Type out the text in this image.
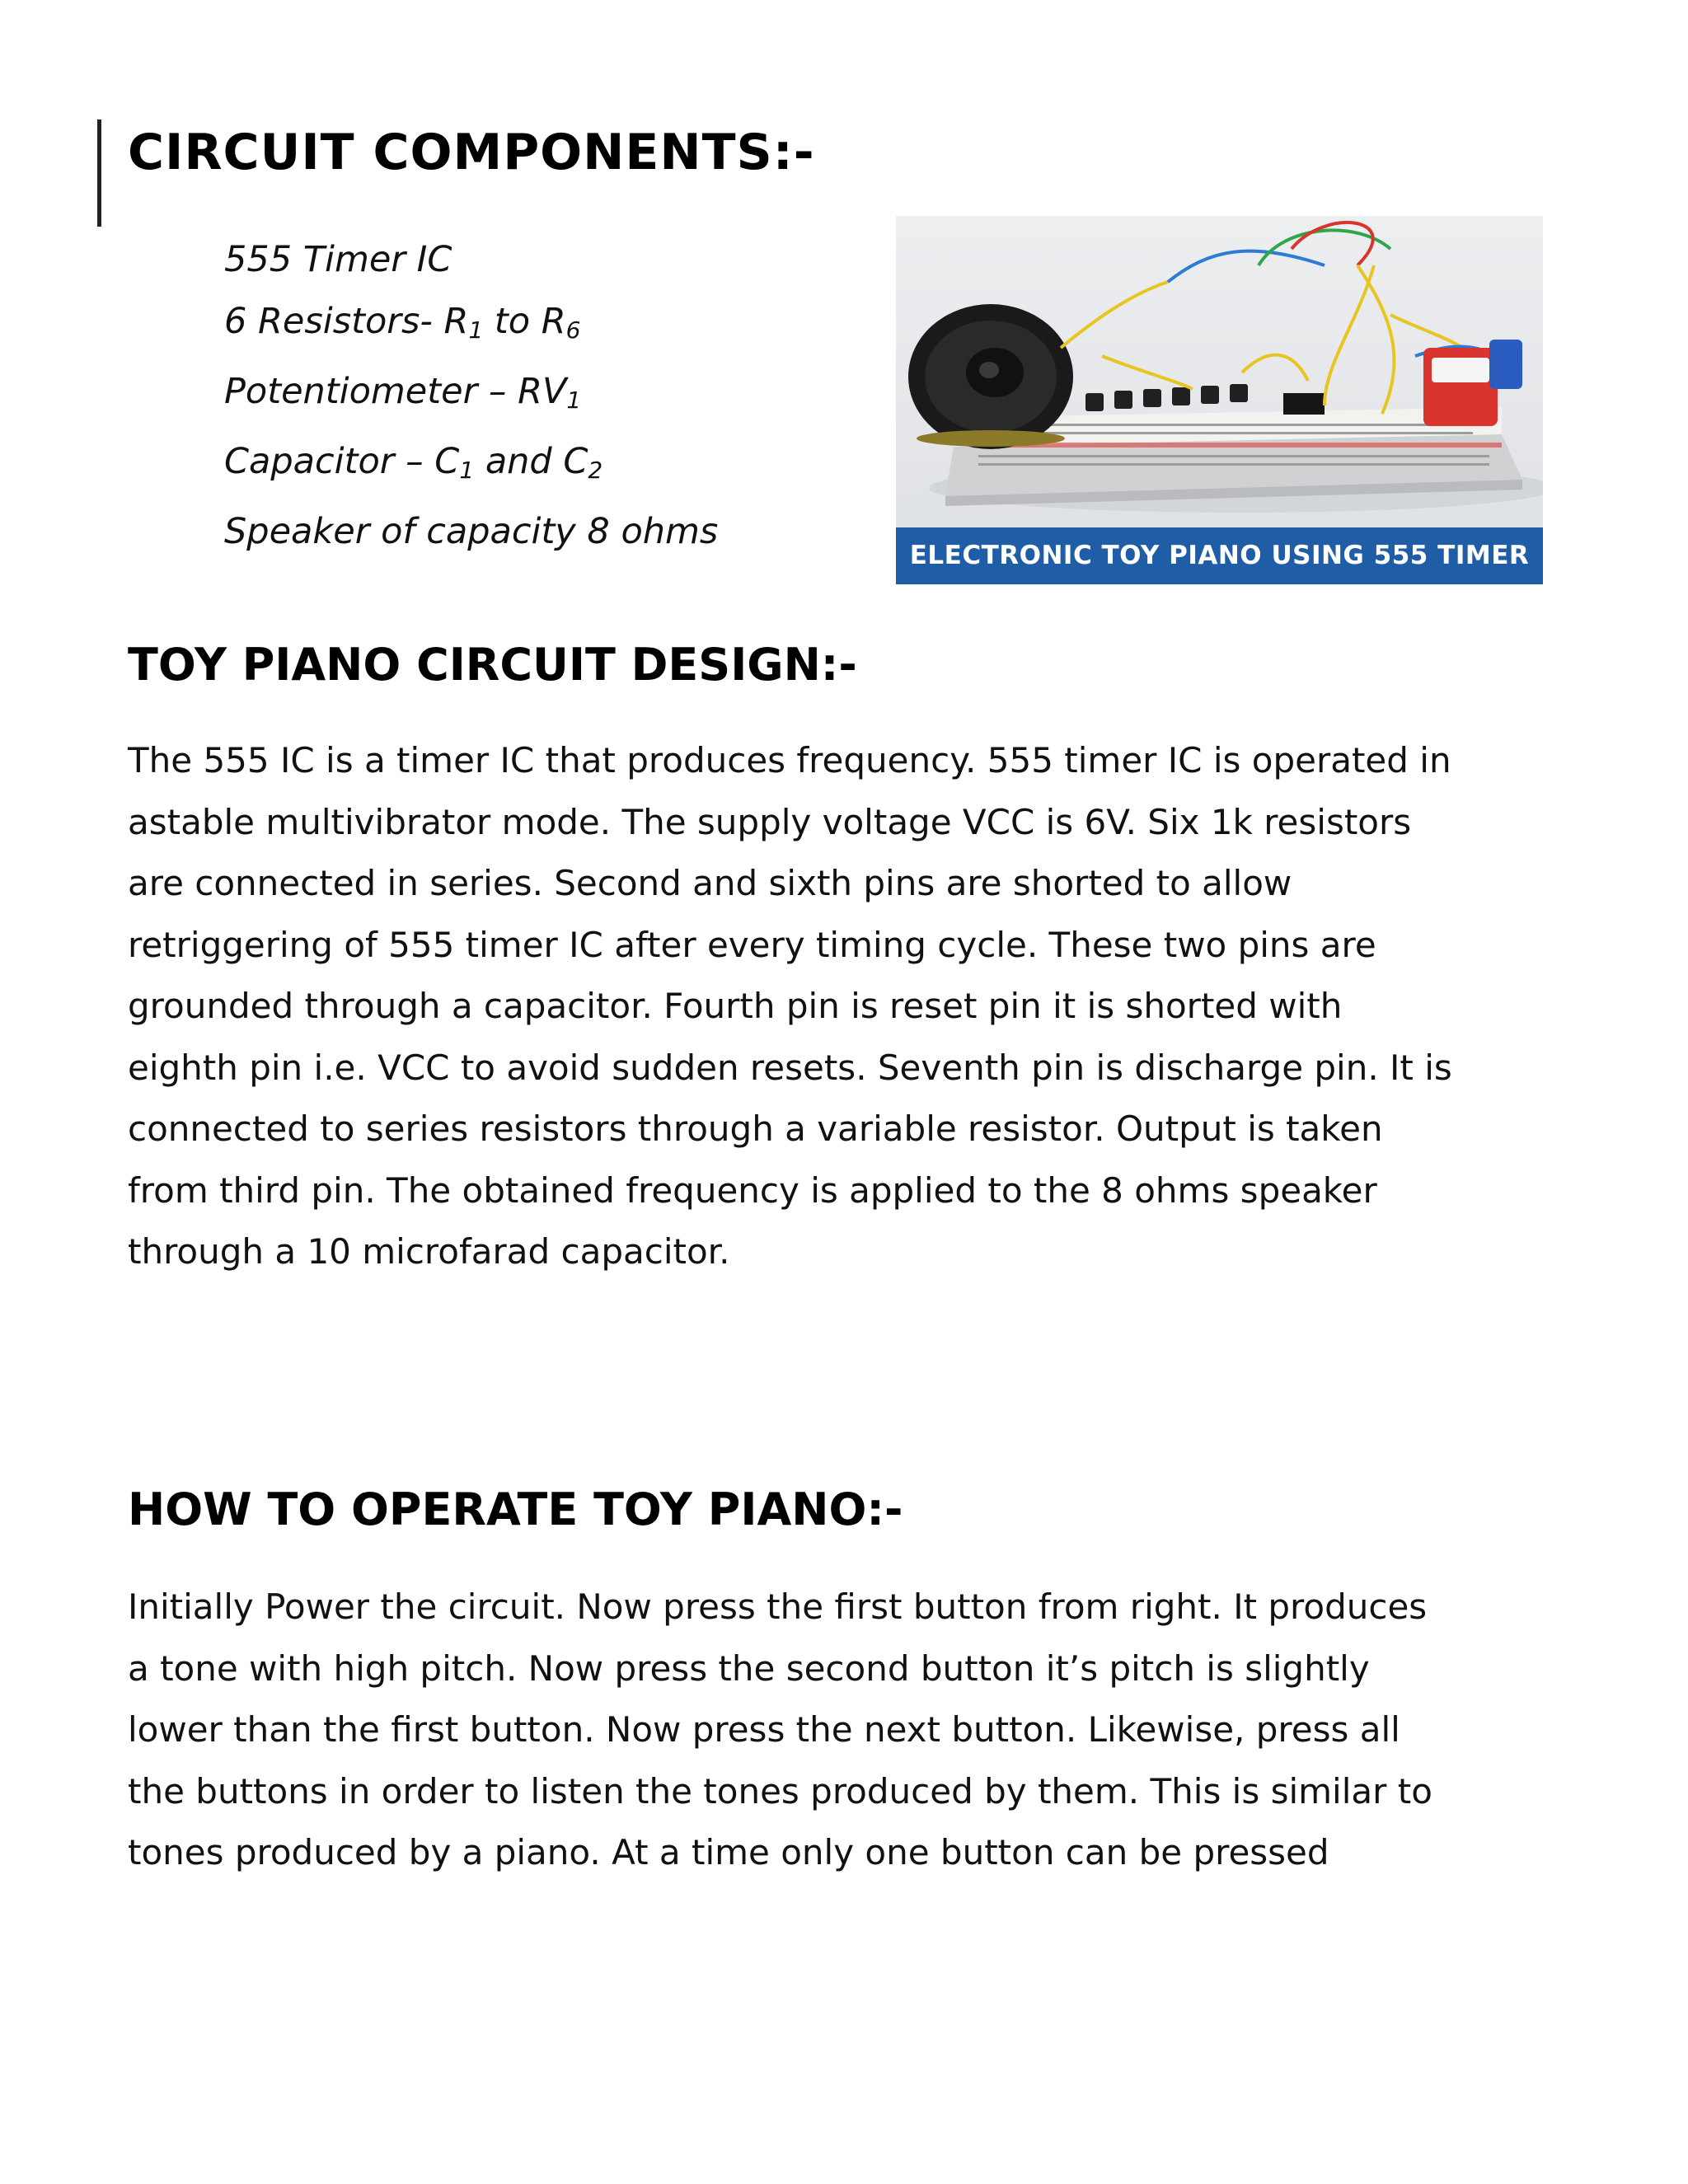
CIRCUIT COMPONENTS:-
555 Timer IC
6 Resistors- $R_1$ to $R_6$
Potentiometer – $RV_1$
Capacitor – $C_1$ and $C_2$
Speaker of capacity 8 ohms
ELECTRONIC TOY PIANO USING 555 TIMER
TOY PIANO CIRCUIT DESIGN:-

The 555 IC is a timer IC that produces frequency. 555 timer IC is operated in
astable multivibrator mode. The supply voltage VCC is 6V. Six 1k resistors
are connected in series. Second and sixth pins are shorted to allow
retriggering of 555 timer IC after every timing cycle. These two pins are
grounded through a capacitor. Fourth pin is reset pin it is shorted with
eighth pin i.e. VCC to avoid sudden resets. Seventh pin is discharge pin. It is
connected to series resistors through a variable resistor. Output is taken
from third pin. The obtained frequency is applied to the 8 ohms speaker
through a 10 microfarad capacitor.

HOW TO OPERATE TOY PIANO:-

Initially Power the circuit. Now press the first button from right. It produces
a tone with high pitch. Now press the second button it’s pitch is slightly
lower than the first button. Now press the next button. Likewise, press all
the buttons in order to listen the tones produced by them. This is similar to
tones produced by a piano. At a time only one button can be pressed
